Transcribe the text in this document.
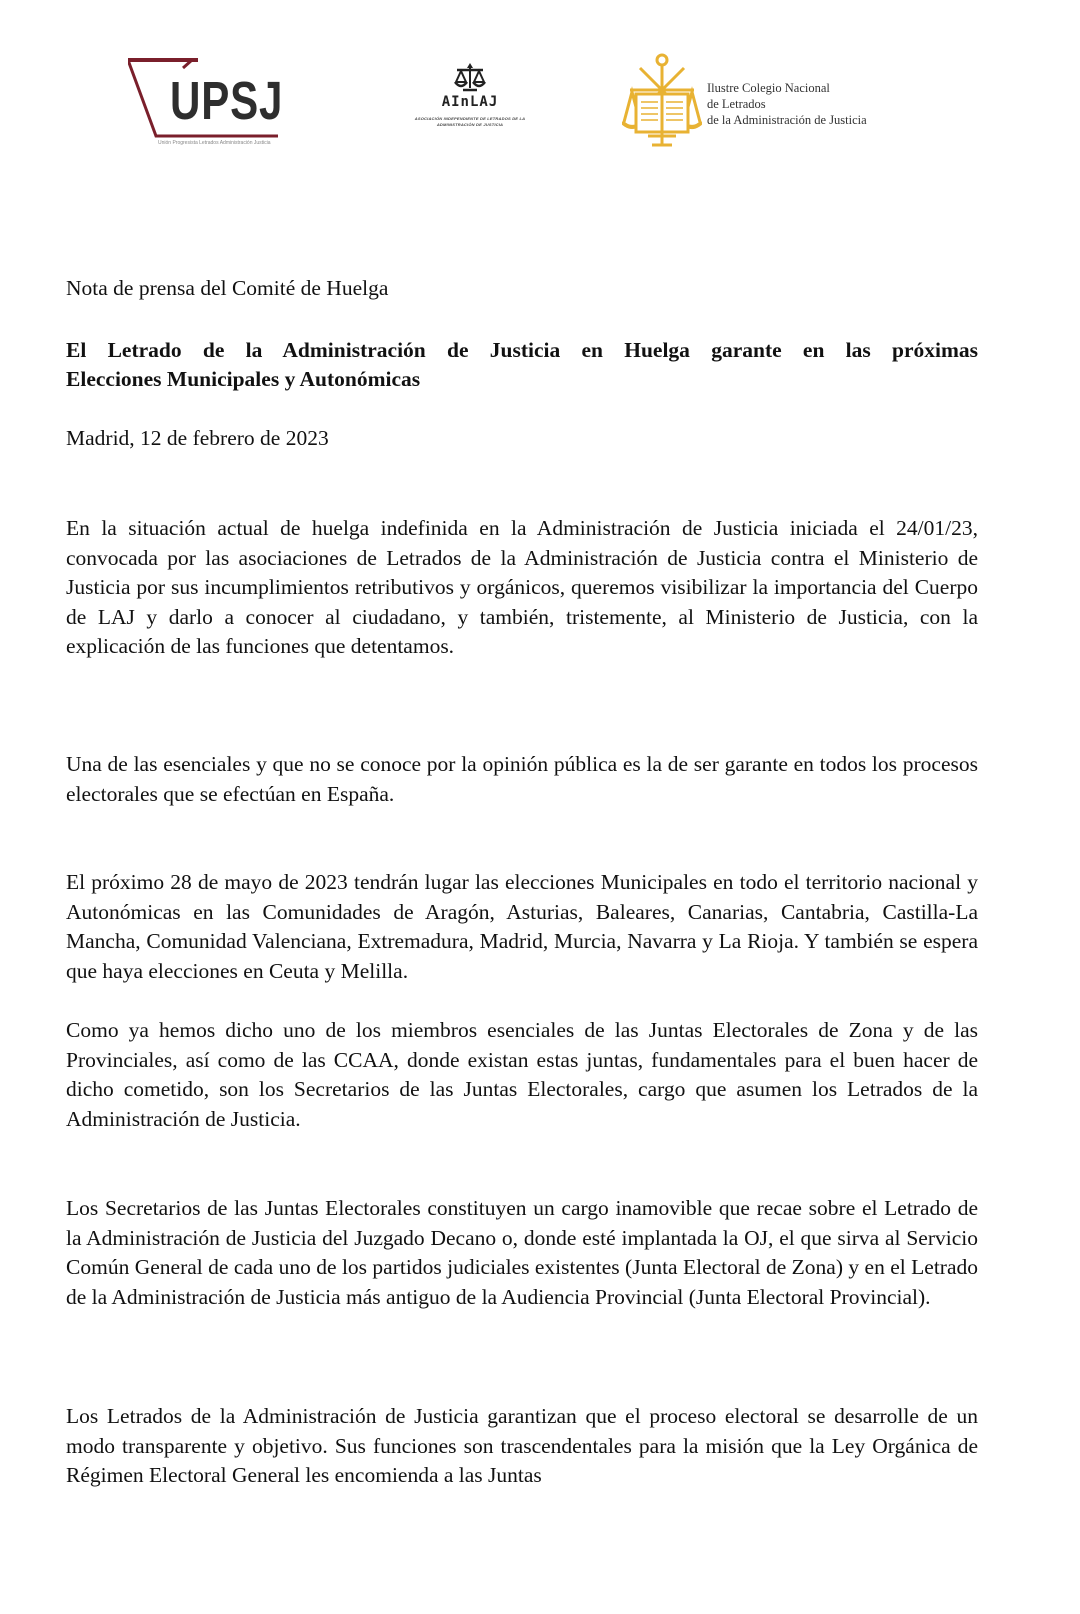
UPSJ
Unión Progresista Letrados Administración Justicia
AInLAJ
ASOCIACIÓN INDEPENDIENTE DE LETRADOS DE LA
ADMINISTRACIÓN DE JUSTICIA
Ilustre Colegio Nacional
de Letrados
de la Administración de Justicia

Nota de prensa del Comité de Huelga

El Letrado de la Administración de Justicia en Huelga garante en las próximas

Elecciones Municipales y Autonómicas

Madrid, 12 de febrero de 2023

En la situación actual de huelga indefinida en la Administración de Justicia iniciada el 24/01/23, convocada por las asociaciones de Letrados de la Administración de Justicia contra el Ministerio de Justicia por sus incumplimientos retributivos y orgánicos, queremos visibilizar la importancia del Cuerpo de LAJ y darlo a conocer al ciudadano, y también, tristemente, al Ministerio de Justicia, con la explicación de las funciones que detentamos.

Una de las esenciales y que no se conoce por la opinión pública es la de ser garante en todos los procesos electorales que se efectúan en España.

El próximo 28 de mayo de 2023 tendrán lugar las elecciones Municipales en todo el territorio nacional y Autonómicas en las Comunidades de Aragón, Asturias, Baleares, Canarias, Cantabria, Castilla-La Mancha, Comunidad Valenciana, Extremadura, Madrid, Murcia, Navarra y La Rioja. Y también se espera que haya elecciones en Ceuta y Melilla.

Como ya hemos dicho uno de los miembros esenciales de las Juntas Electorales de Zona y de las Provinciales, así como de las CCAA, donde existan estas juntas, fundamentales para el buen hacer de dicho cometido, son los Secretarios de las Juntas Electorales, cargo que asumen los Letrados de la Administración de Justicia.

Los Secretarios de las Juntas Electorales constituyen un cargo inamovible que recae sobre el Letrado de la Administración de Justicia del Juzgado Decano o, donde esté implantada la OJ, el que sirva al Servicio Común General de cada uno de los partidos judiciales existentes (Junta Electoral de Zona) y en el Letrado de la Administración de Justicia más antiguo de la Audiencia Provincial (Junta Electoral Provincial).

Los Letrados de la Administración de Justicia garantizan que el proceso electoral se desarrolle de un modo transparente y objetivo. Sus funciones son trascendentales para la misión que la Ley Orgánica de Régimen Electoral General les encomienda a las Juntas
